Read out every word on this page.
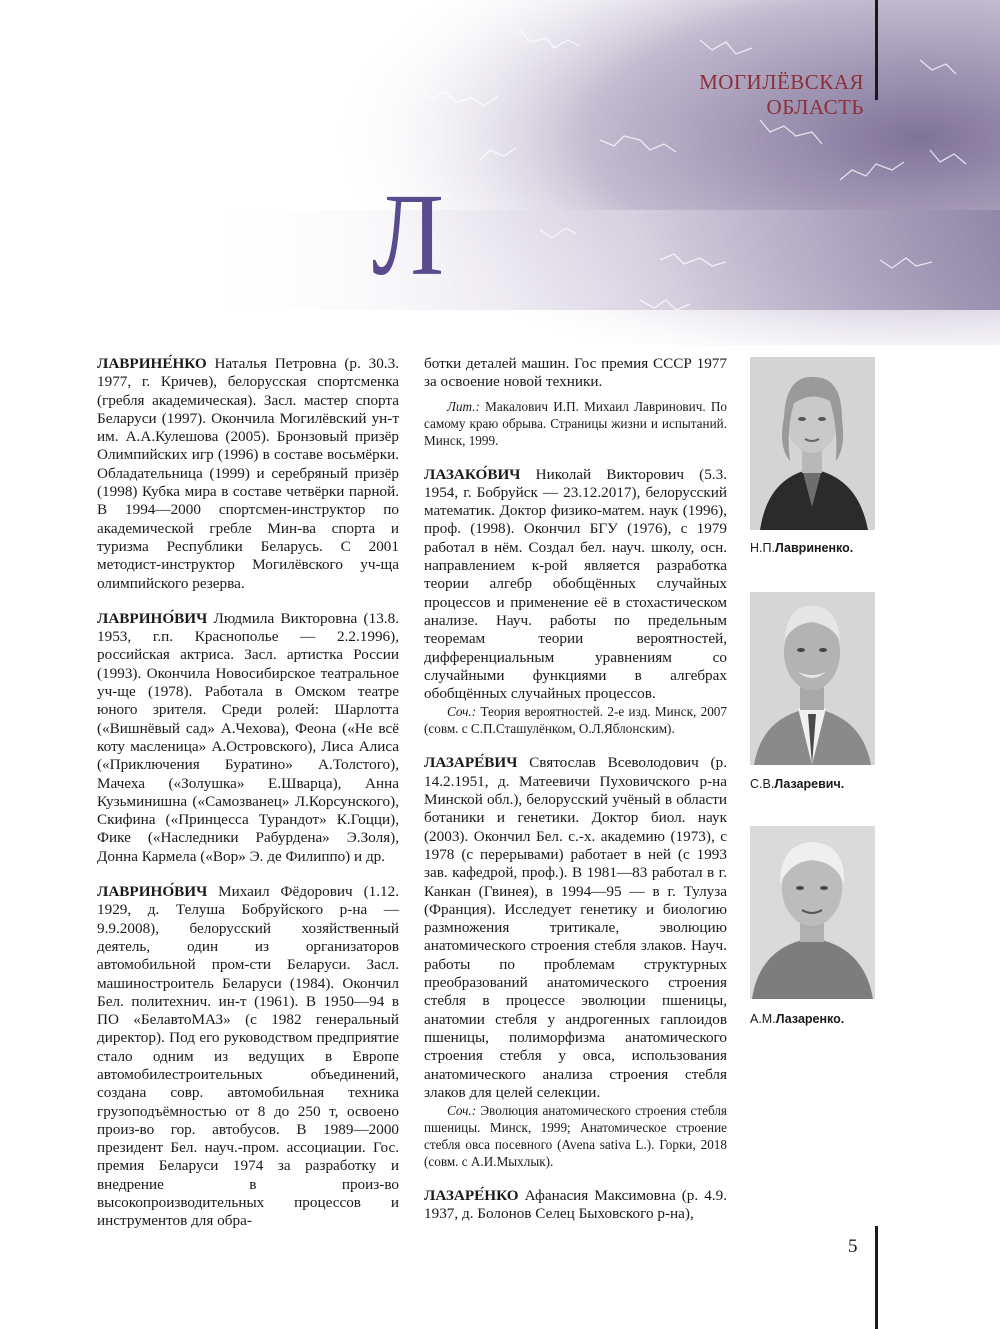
МОГИЛЁВСКАЯ ОБЛАСТЬ
Л

ЛАВРИНЕ́НКО Наталья Петровна (р. 30.3. 1977, г. Кричев), белорусская спортсменка (гребля академическая). Засл. мастер спорта Беларуси (1997). Окончила Могилёвский ун-т им. А.А.Кулешова (2005). Бронзовый призёр Олимпийских игр (1996) в составе восьмёрки. Обладательница (1999) и серебряный призёр (1998) Кубка мира в составе четвёрки парной. В 1994—2000 спортсмен-инструктор по академической гребле Мин-ва спорта и туризма Республики Беларусь. С 2001 методист-инструктор Могилёвского уч-ща олимпийского резерва.

ЛАВРИНО́ВИЧ Людмила Викторовна (13.8. 1953, г.п. Краснополье — 2.2.1996), российская актриса. Засл. артистка России (1993). Окончила Новосибирское театральное уч-ще (1978). Работала в Омском театре юного зрителя. Среди ролей: Шарлотта («Вишнёвый сад» А.Чехова), Феона («Не всё коту масленица» А.Островского), Лиса Алиса («Приключения Буратино» А.Толстого), Мачеха («Золушка» Е.Шварца), Анна Кузьминишна («Самозванец» Л.Корсунского), Скифина («Принцесса Турандот» К.Гоцци), Фике («Наследники Рабурдена» Э.Золя), Донна Кармела («Вор» Э. де Филиппо) и др.

ЛАВРИНО́ВИЧ Михаил Фёдорович (1.12. 1929, д. Телуша Бобруйского р-на — 9.9.2008), белорусский хозяйственный деятель, один из организаторов автомобильной пром-сти Беларуси. Засл. машиностроитель Беларуси (1984). Окончил Бел. политехнич. ин-т (1961). В 1950—94 в ПО «БелавтоМАЗ» (с 1982 генеральный директор). Под его руководством предприятие стало одним из ведущих в Европе автомобилестроительных объединений, создана совр. автомобильная техника грузоподъёмностью от 8 до 250 т, освоено произ-во гор. автобусов. В 1989—2000 президент Бел. науч.-пром. ассоциации. Гос. премия Беларуси 1974 за разработку и внедрение в произ-во высокопроизводительных процессов и инструментов для обра-

ботки деталей машин. Гос премия СССР 1977 за освоение новой техники.

Лит.: Макалович И.П. Михаил Лавринович. По самому краю обрыва. Страницы жизни и испытаний. Минск, 1999.

ЛАЗАКО́ВИЧ Николай Викторович (5.3. 1954, г. Бобруйск — 23.12.2017), белорусский математик. Доктор физико-матем. наук (1996), проф. (1998). Окончил БГУ (1976), с 1979 работал в нём. Создал бел. науч. школу, осн. направлением к-рой является разработка теории алгебр обобщённых случайных процессов и применение её в стохастическом анализе. Науч. работы по предельным теоремам теории вероятностей, дифференциальным уравнениям со случайными функциями в алгебрах обобщённых случайных процессов.

Соч.: Теория вероятностей. 2-е изд. Минск, 2007 (совм. с С.П.Сташулёнком, О.Л.Яблонским).

ЛАЗАРЕ́ВИЧ Святослав Всеволодович (р. 14.2.1951, д. Матеевичи Пуховичского р-на Минской обл.), белорусский учёный в области ботаники и генетики. Доктор биол. наук (2003). Окончил Бел. с.-х. академию (1973), с 1978 (с перерывами) работает в ней (с 1993 зав. кафедрой, проф.). В 1981—83 работал в г. Канкан (Гвинея), в 1994—95 — в г. Тулуза (Франция). Исследует генетику и биологию размножения тритикале, эволюцию анатомического строения стебля злаков. Науч. работы по проблемам структурных преобразований анатомического строения стебля в процессе эволюции пшеницы, анатомии стебля у андрогенных гаплоидов пшеницы, полиморфизма анатомического строения стебля у овса, использования анатомического анализа строения стебля злаков для целей селекции.

Соч.: Эволюция анатомического строения стебля пшеницы. Минск, 1999; Анатомическое строение стебля овса посевного (Avena sativa L.). Горки, 2018 (совм. с А.И.Мыхлык).

ЛАЗАРЕ́НКО Афанасия Максимовна (р. 4.9. 1937, д. Болонов Селец Быховского р-на),

Н.П.Лавриненко.
С.В.Лазаревич.
А.М.Лазаренко.
5
